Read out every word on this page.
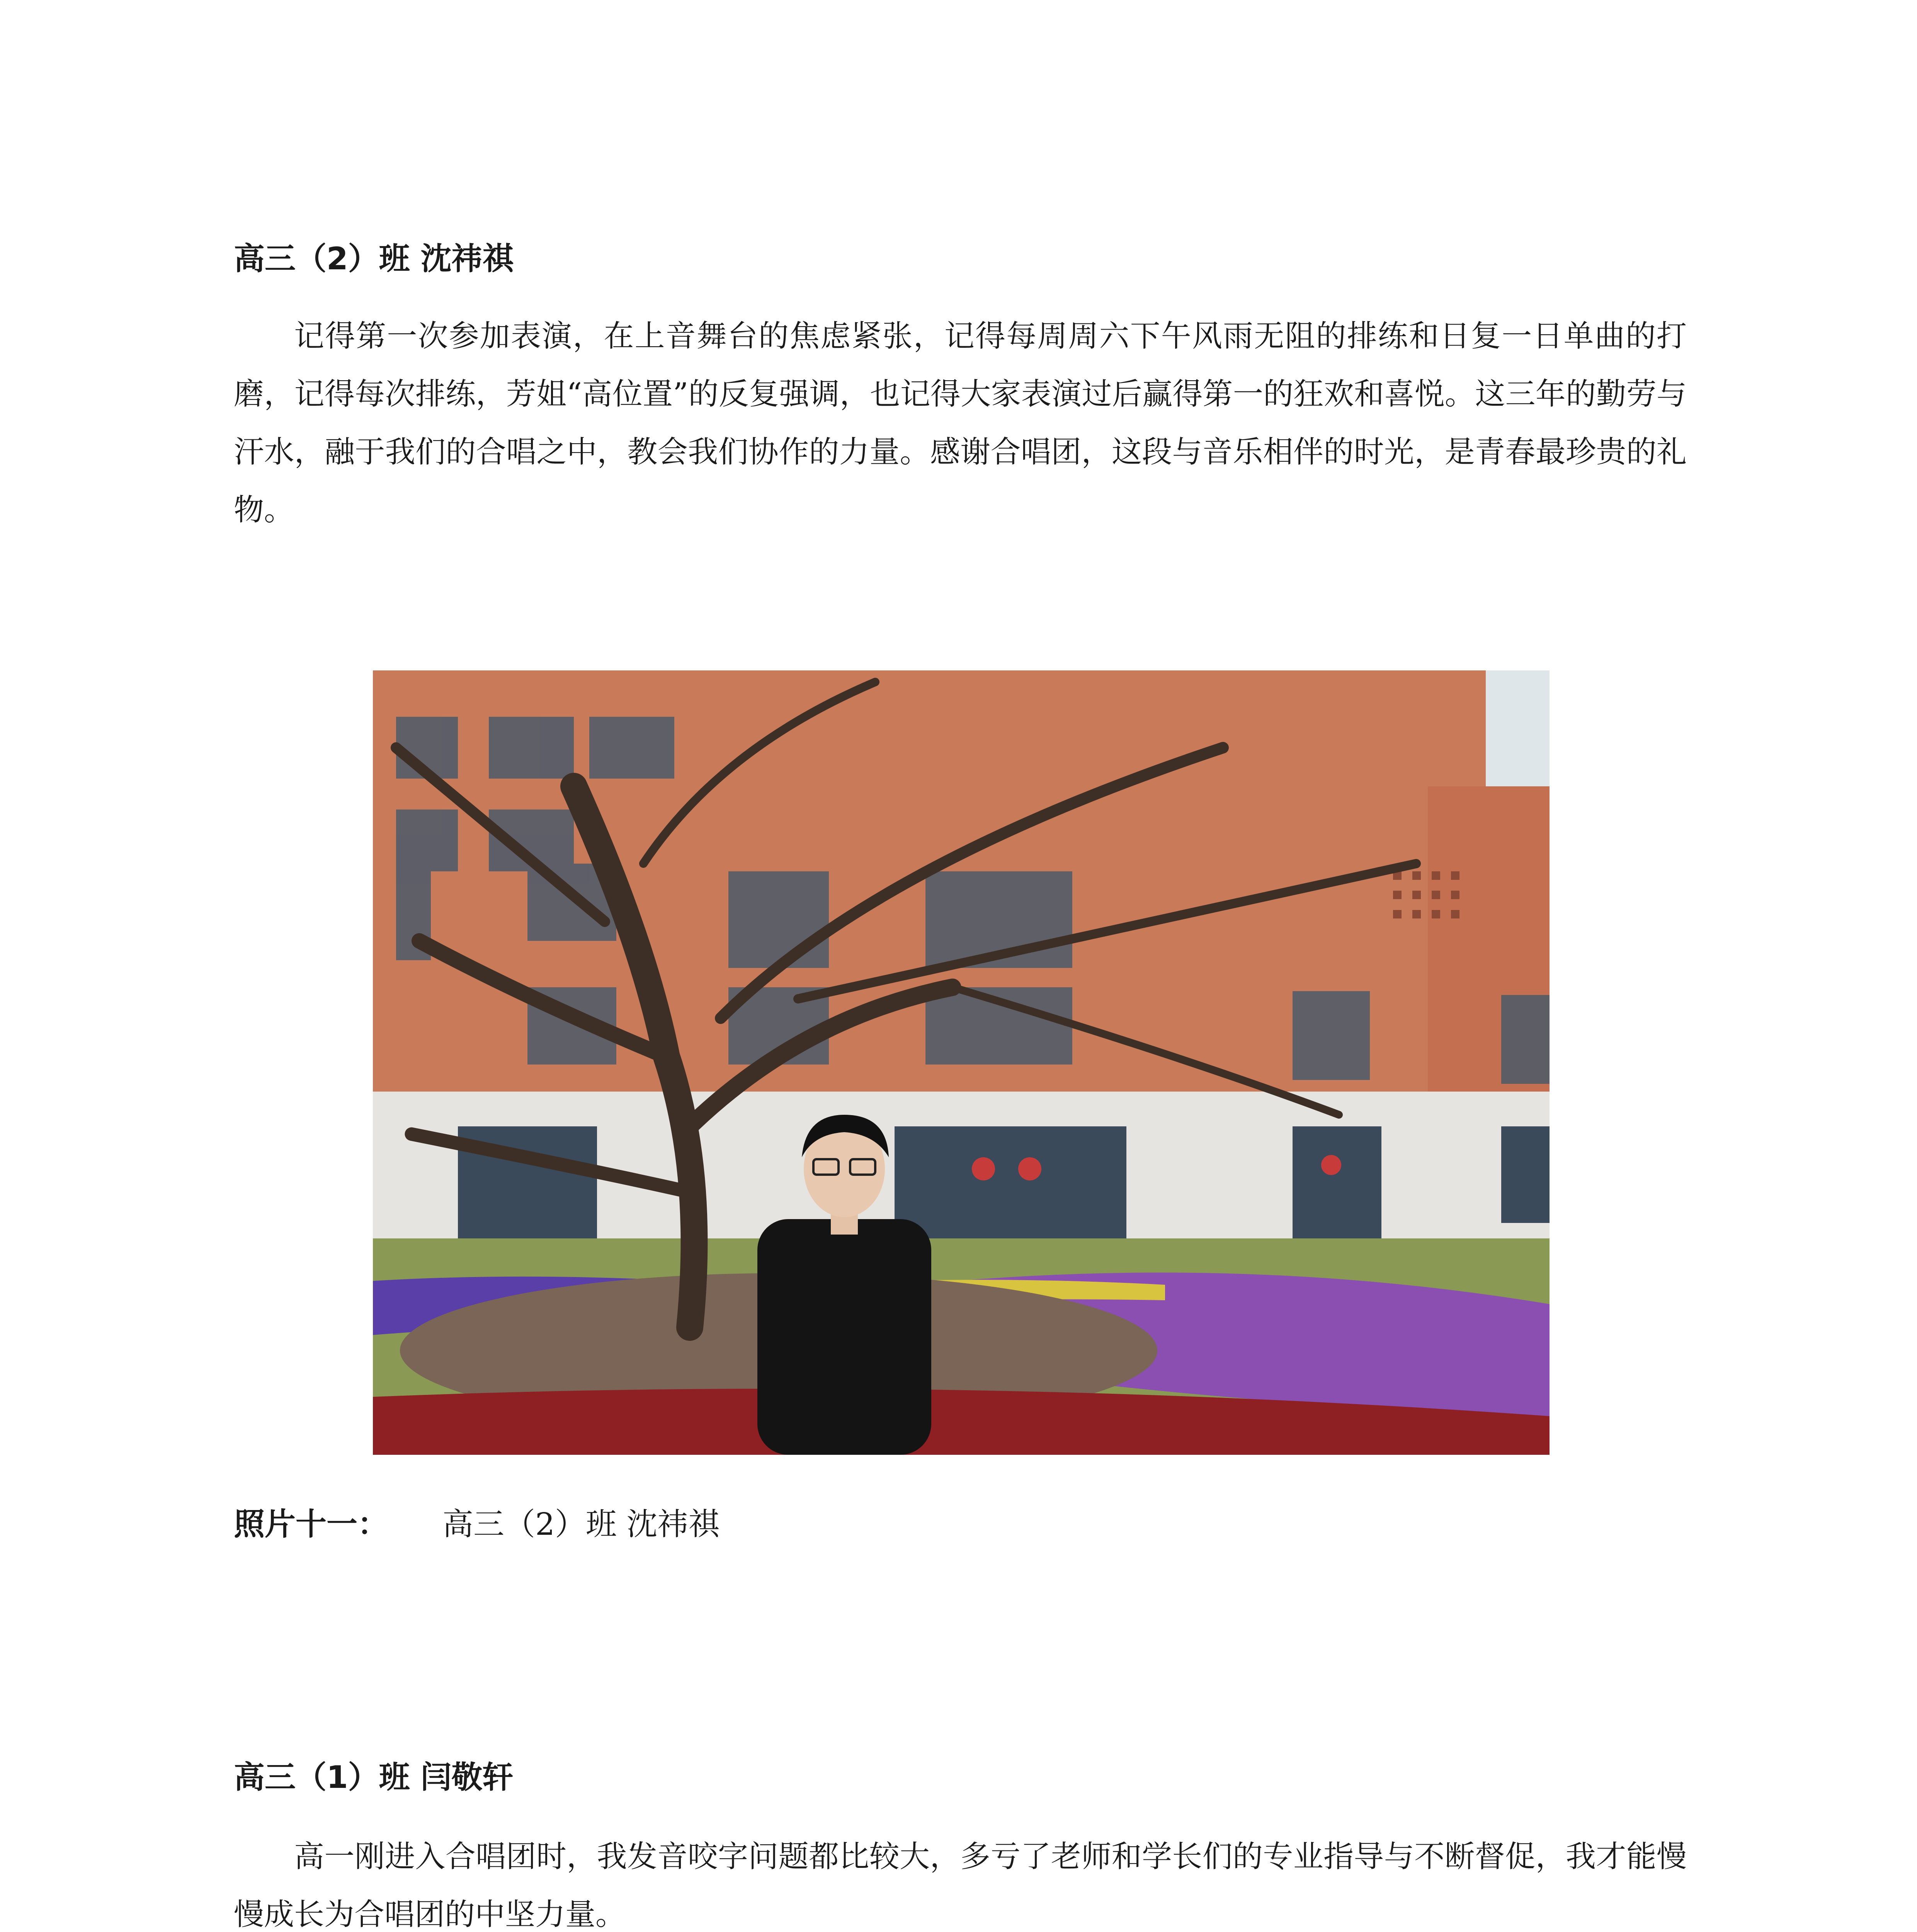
高三（2）班 沈祎祺

记得第一次参加表演，在上音舞台的焦虑紧张，记得每周周六下午风雨无阻的排练和日复一日单曲的打磨，记得每次排练，芳姐“高位置”的反复强调，也记得大家表演过后赢得第一的狂欢和喜悦。这三年的勤劳与汗水，融于我们的合唱之中，教会我们协作的力量。感谢合唱团，这段与音乐相伴的时光，是青春最珍贵的礼物。

照片十一： 高三（2）班 沈祎祺
高三（1）班 闫敬轩

高一刚进入合唱团时，我发音咬字问题都比较大，多亏了老师和学长们的专业指导与不断督促，我才能慢慢成长为合唱团的中坚力量。
